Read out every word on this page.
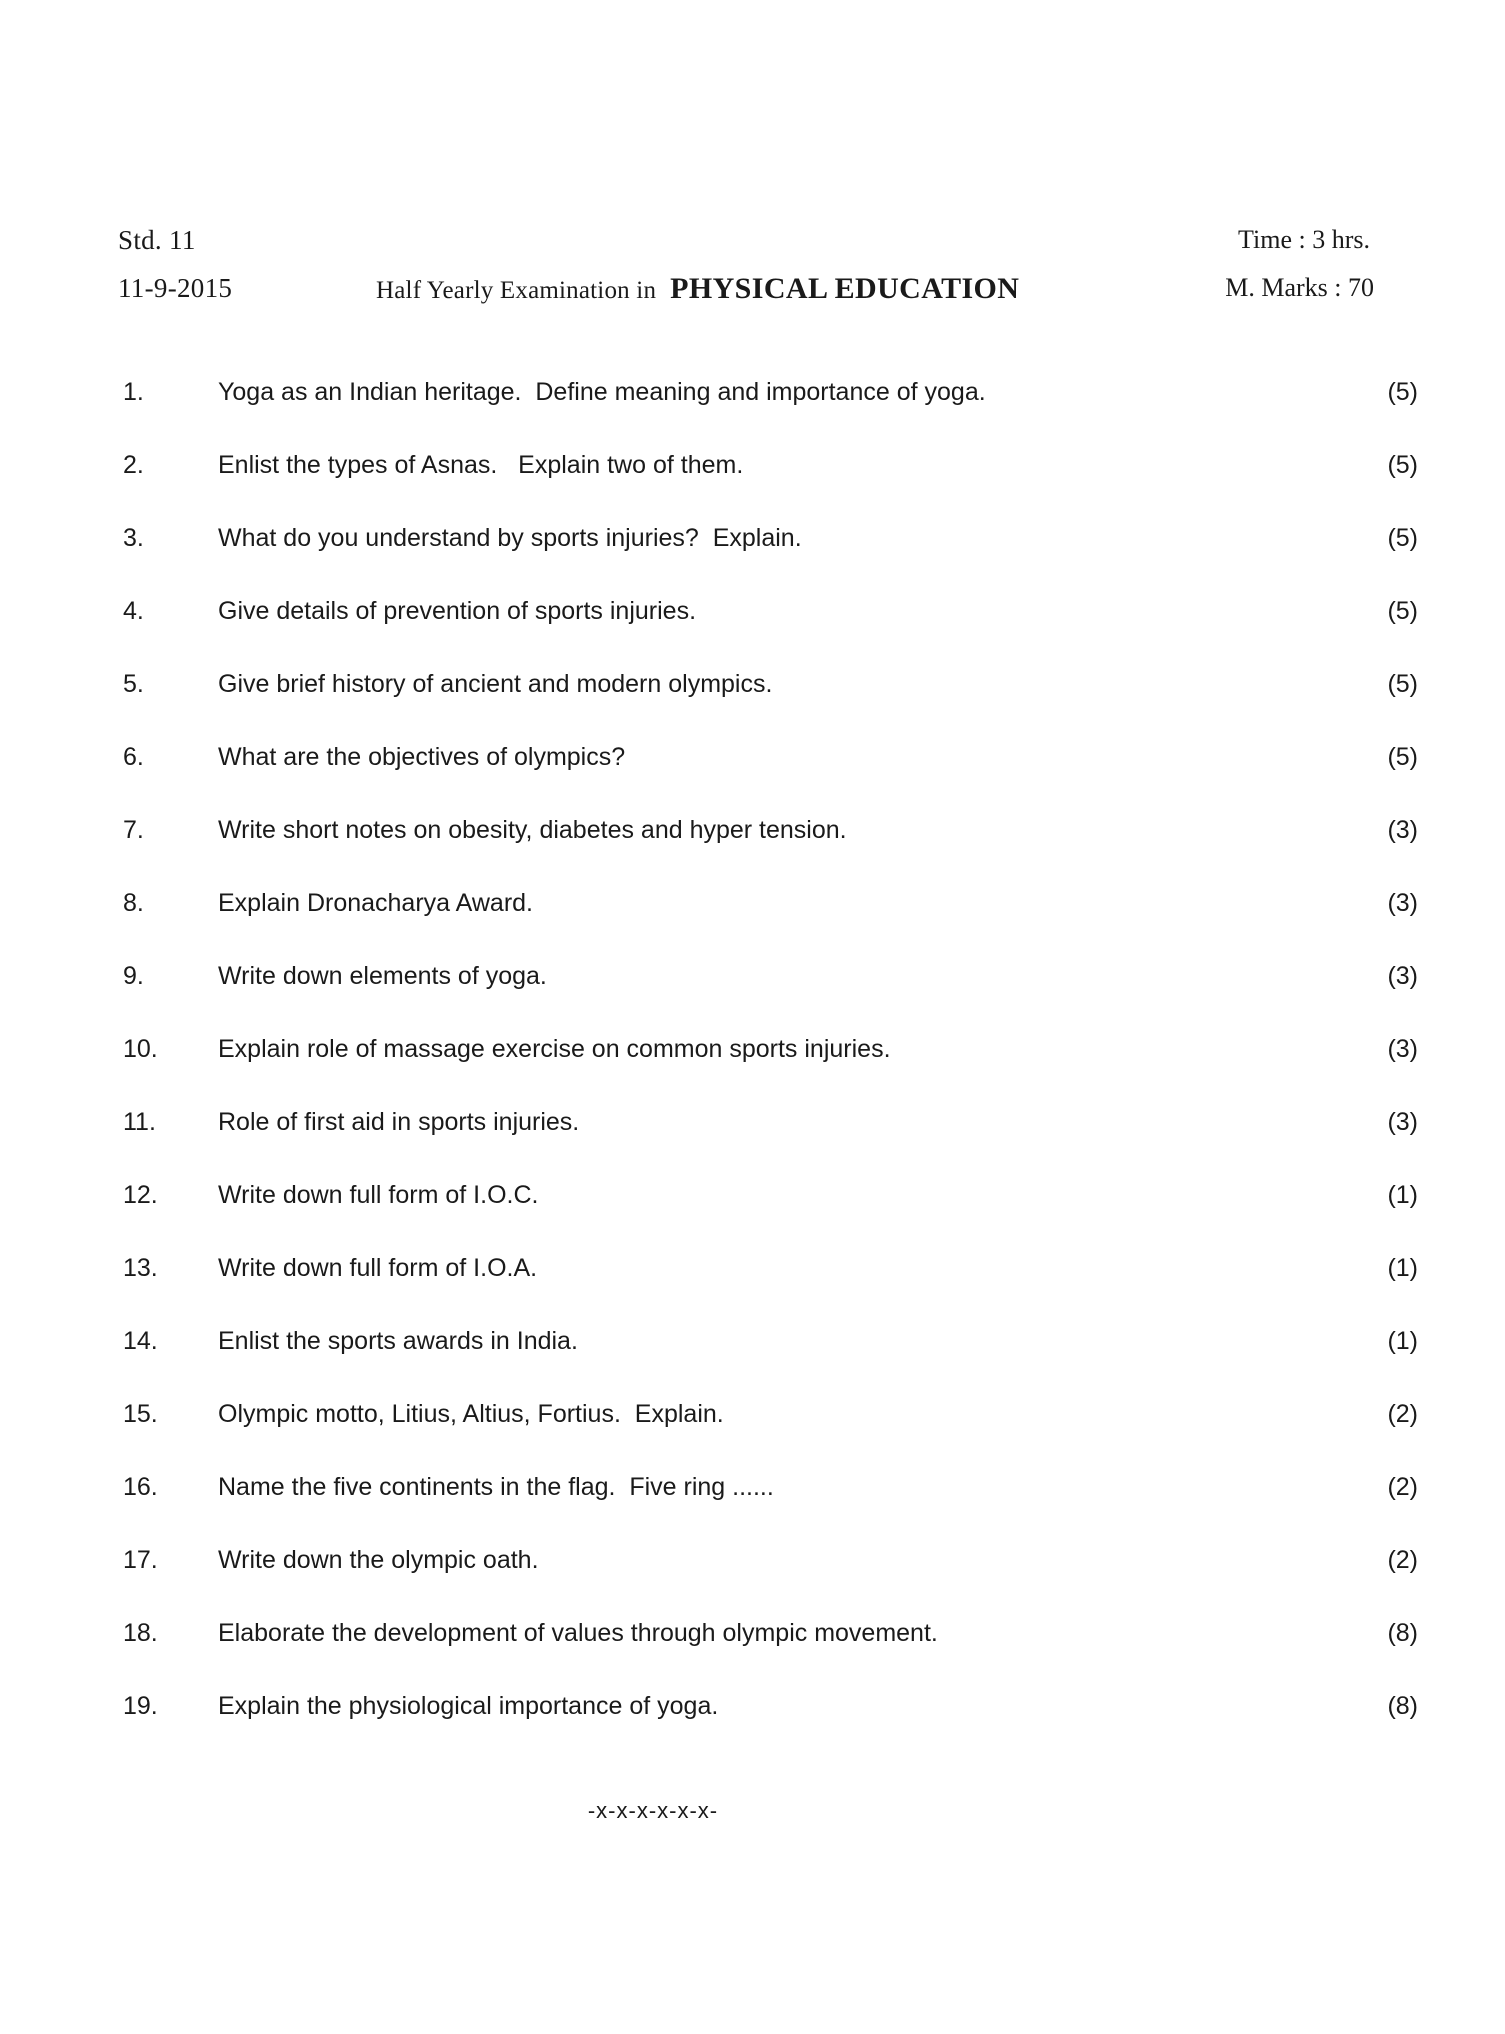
Std. 11
11-9-2015	Half Yearly Examination in PHYSICAL EDUCATION
Time : 3 hrs.
M. Marks : 70
1.	Yoga as an Indian heritage.  Define meaning and importance of yoga.	(5)
2.	Enlist the types of Asnas.   Explain two of them.	(5)
3.	What do you understand by sports injuries?  Explain.	(5)
4.	Give details of prevention of sports injuries.	(5)
5.	Give brief history of ancient and modern olympics.	(5)
6.	What are the objectives of olympics?	(5)
7.	Write short notes on obesity, diabetes and hyper tension.	(3)
8.	Explain Dronacharya Award.	(3)
9.	Write down elements of yoga.	(3)
10.	Explain role of massage exercise on common sports injuries.	(3)
11.	Role of first aid in sports injuries.	(3)
12.	Write down full form of I.O.C.	(1)
13.	Write down full form of I.O.A.	(1)
14.	Enlist the sports awards in India.	(1)
15.	Olympic motto, Litius, Altius, Fortius.  Explain.	(2)
16.	Name the five continents in the flag.  Five ring ......	(2)
17.	Write down the olympic oath.	(2)
18.	Elaborate the development of values through olympic movement.	(8)
19.	Explain the physiological importance of yoga.	(8)
-x-x-x-x-x-x-
